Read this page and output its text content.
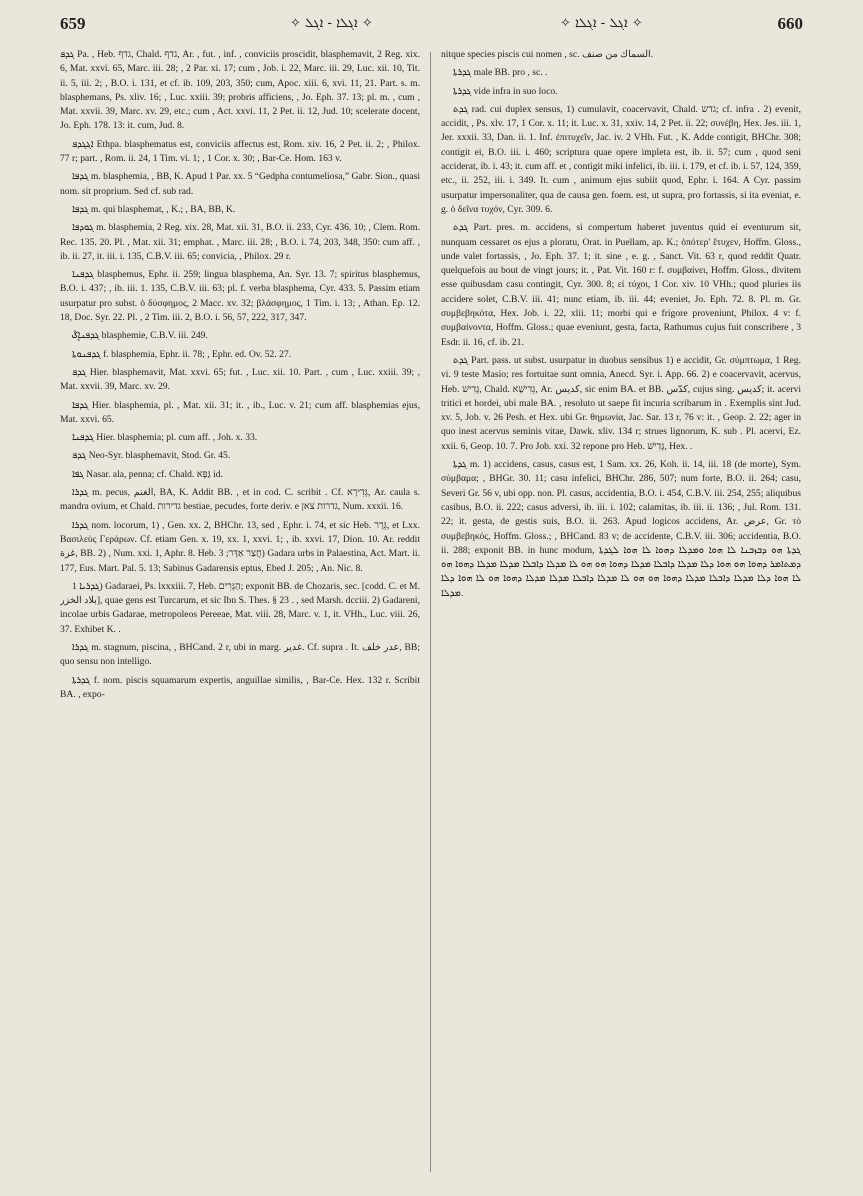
659	✧ ܐܓܠܐ - ܐܓܠ ✧	✧ ܐܓܠ - ܐܓܠܐ ✧	660

ܓܕܦ Pa. , Heb. גדף, Chald. גדף, Ar. , fut. , inf. , conviciis proscidit, blasphemavit, 2 Reg. xix. 6, Mat. xxvi. 65, Marc. iii. 28; , 2 Par. xi. 17; cum , Job. i. 22, Marc. iii. 29, Luc. xii. 10, Tit. ii. 5, iii. 2; , B.O. i. 131, et cf. ib. 109, 203, 350; cum, Apoc. xiii. 6, xvi. 11, 21. Part. s. m. blasphemans, Ps. xliv. 16; , Luc. xxiii. 39; probris afficiens, , Jo. Eph. 37. 13; pl. m. , cum , Mat. xxvii. 39, Marc. xv. 29, etc.; cum , Act. xxvi. 11, 2 Pet. ii. 12, Jud. 10; scelerate docent, Jo. Eph. 178. 13: it. cum, Jud. 8.

ܐܔܓܕܦ Ethpa. blasphematus est, conviciis affectus est, Rom. xiv. 16, 2 Pet. ii. 2; , Philox. 77 r; part. , Rom. ii. 24, 1 Tim. vi. 1; , 1 Cor. x. 30; , Bar-Ce. Hom. 163 v.

ܓܕܦܐ m. blasphemia, , BB, K. Apud 1 Par. xx. 5 “Gedpha contumeliosa,” Gabr. Sion., quasi nom. sit proprium. Sed cf. sub rad.

ܓܕܦܐ m. qui blasphemat, , K.; , BA, BB, K.

ܓܘܕܦܐ m. blasphemia, 2 Reg. xix. 28, Mat. xii. 31, B.O. ii. 233, Cyr. 436. 10; , Clem. Rom. Rec. 135. 20. Pl. , Mat. xii. 31; emphat. , Marc. iii. 28; , B.O. i. 74, 203, 348, 350: cum aff. , ib. ii. 27, it. iii. i. 135, C.B.V. iii. 65; convicia, , Philox. 29 r.

ܓܕܦܢܐ blasphemus, Ephr. ii. 259; lingua blasphema, An. Syr. 13. 7; spiritus blasphemus, B.O. i. 437; , ib. iii. 1. 135, C.B.V. iii. 63; pl. f. verba blasphema, Cyr. 433. 5. Passim etiam usurpatur pro subst. ὁ δύσφημος, 2 Macc. xv. 32; βλάσφημος, 1 Tim. i. 13; , Athan. Ep. 12. 18, Doc. Syr. 22. Pl. , 2 Tim. iii. 2, B.O. i. 56, 57, 222, 317, 347.

ܓܕܦܢܐܷݣ blasphemie, C.B.V. iii. 249.

ܓܕܦܢܘܬܐ f. blasphemia, Ephr. ii. 78; , Ephr. ed. Ov. 52. 27.

ܓܕܦ Hier. blasphemavit, Mat. xxvi. 65; fut. , Luc. xii. 10. Part. , cum , Luc. xxiii. 39; , Mat. xxvii. 39, Marc. xv. 29.

ܓܕܦܐ Hier. blasphemia, pl. , Mat. xii. 31; it. , ib., Luc. v. 21; cum aff. blasphemias ejus, Mat. xxvi. 65.

ܓܕܦܢܐ Hier. blasphemia; pl. cum aff. , Joh. x. 33.

ܓܕܦ Neo-Syr. blasphemavit, Stod. Gr. 45.

ܓܦܐ Nasar. ala, penna; cf. Chald. גַּפָּא id.

ܓܕܪܐ m. pecus, الغنم, BA, K. Addit BB. , et in cod. C. scribit . Cf. גְּדִירָא, Ar. caula s. mandra ovium, et Chald. גדירות bestiae, pecudes, forte deriv. e גדרות צאן, Num. xxxii. 16.

ܓܕܪܐ nom. locorum, 1) , Gen. xx. 2, BHChr. 13, sed , Ephr. i. 74, et sic Heb. גְּרָר, et Lxx. Βασιλεὺς Γεράρων. Cf. etiam Gen. x. 19, xx. 1, xxvi. 1; , ib. xxvi. 17, Dion. 10. Ar. reddit غزة, BB. 2) , Num. xxi. 1, Aphr. 8. Heb. חֲצַר אַדָּר; 3) Gadara urbs in Palaestina, Act. Mart. ii. 177, Eus. Mart. Pal. 5. 13; Sabinus Gadarensis eptus, Ebed J. 205; , An. Nic. 8.

ܓܕܪܝܐ 1) Gadaraei, Ps. lxxxiii. 7, Heb. הַגְּרִים; exponit BB. de Chozaris, sec. [codd. C. et M. بلاد الخزر], quae gens est Turcarum, et sic Ibn S. Thes. § 23 . , sed Marsh. dcciii. 2) Gadareni, incolae urbis Gadarae, metropoleos Pereeae, Mat. viii. 28, Marc. v. 1, it. VHh., Luc. viii. 26, 37. Exhibet K. .

ܓܕܪܐ m. stagnum, piscina, , BHCand. 2 r, ubi in marg. غدير. Cf. supra . It. عدر خلف, BB; quo sensu non intelligo.

ܓܕܪܬܐ f. nom. piscis squamarum expertis, anguillae similis, , Bar-Ce. Hex. 132 r. Scribit BA. , expo-

nitque species piscis cui nomen , sc. السماك من صنف.

ܓܕܪܬܐ male BB. pro , sc. .

ܓܕܪܬܐ vide infra in suo loco.

ܓܕܬ rad. cui duplex sensus, 1) cumulavit, coacervavit, Chald. גדש; cf. infra . 2) evenit, accidit, , Ps. xlv. 17, 1 Cor. x. 11; it. Luc. x. 31, xxiv. 14, 2 Pet. ii. 22; συνέβη, Hex. Jes. iii. 1, Jer. xxxii. 33, Dan. ii. 1. Inf. ἐπιτυχεῖν, Jac. iv. 2 VHh. Fut. , K. Adde contigit, BHChr. 308; contigit ei, B.O. iii. i. 460; scriptura quae opere impleta est, ib. ii. 57; cum , quod seni acciderat, ib. i. 43; it. cum aff. et , contigit miki infelici, ib. iii. i. 179, et cf. ib. i. 57, 124, 359, etc., ii. 252, iii. i. 349. It. cum , animum ejus subiit quod, Ephr. i. 164. A Cyr. passim usurpatur impersonaliter, qua de causa gen. foem. est, ut supra, pro fortassis, si ita eveniat, e. g. ὁ δεῖνα τυχόν, Cyr. 309. 6.

ܓܕܬ Part. pres. m. accidens, si compertum haberet juventus quid ei eventurum sit, nunquam cessaret os ejus a ploratu, Orat. in Puellam, ap. K.; ὁπότερ' ἔτυχεν, Hoffm. Gloss., unde valet fortassis, , Jo. Eph. 37. 1; it. sine , e. g. , Sanct. Vit. 63 r, quod reddit Quatr. quelquefois au bout de vingt jours; it. , Pat. Vit. 160 r: f. συμβαίνει, Hoffm. Gloss., divitem esse quibusdam casu contingit, Cyr. 300. 8; εἰ τύχοι, 1 Cor. xiv. 10 VHh.; quod pluries iis accidere solet, C.B.V. iii. 41; nunc etiam, ib. iii. 44; eveniet, Jo. Eph. 72. 8. Pl. m. Gr. συμβεβηκότα, Hex. Job. i. 22, xlii. 11; morbi qui e frigore proveniunt, Philox. 4 v: f. συμβαίνοντα, Hoffm. Gloss.; quae eveniunt, gesta, facta, Rathumus cujus fuit conscribere , 3 Esdr. ii. 16, cf. ib. 21.

ܓܕܬ Part. pass. ut subst. usurpatur in duobus sensibus 1) e accidit, Gr. σύμπτωμα, 1 Reg. vi. 9 teste Masio; res fortuitae sunt omnia, Anecd. Syr. i. App. 66. 2) e coacervavit, acervus, Heb. גָּדִישׁ, Chald. גְּדִישָׁא, Ar. كديس, sic enim BA. et BB. كدّس, cujus sing. كديس; it. acervi tritici et hordei, ubi male BA. , resoluto ut saepe fit incuria scribarum in . Exemplis sint Jud. xv. 5, Job. v. 26 Pesh. et Hex. ubi Gr. θημωνία, Jac. Sar. 13 r, 76 v: it. , Geop. 2. 22; ager in quo inest acervus seminis vitae, Dawk. xliv. 134 r; strues lignorum, K. sub . Pl. acervi, Ez. xxii. 6, Geop. 10. 7. Pro Job. xxi. 32 repone pro Heb. גָּדִישׁ, Hex. .

ܓܕܬܐ m. 1) accidens, casus, casus est, 1 Sam. xx. 26, Koh. ii. 14, iii. 18 (de morte), Sym. σύμβαμα; , BHGr. 30. 11; casu infelici, BHChr. 286, 507; num forte, B.O. ii. 264; casu, Severi Gr. 56 v, ubi opp. non. Pl. casus, accidentia, B.O. i. 454, C.B.V. iii. 254, 255; aliquibus casibus, B.O. ii. 222; casus adversi, ib. iii. i. 102; calamitas, ib. iii. ii. 136; , Jul. Rom. 131. 22; it. gesta, de gestis suis, B.O. ii. 263. Apud logicos accidens, Ar. عرض, Gr. τὸ συμβεβηκός, Hoffm. Gloss.; , BHCand. 83 v; de accidente, C.B.V. iii. 306; accidentia, B.O. ii. 288; exponit BB. in hunc modum, ܓܕܬܐ ܗܘ ܕܒܙܒܢܐ ܠܐ ܗܘܐ ܘܡܕܠܐ ܕܗܘܐ ܠܐ ܗܘܐ ܠܓܕܬܐ ܕܡܬܐܡܪ ܕܗܘܐ ܗܘ ܗܘܐ ܕܠܐ ܡܕܠܐ ܕܐܒܠܐ ܡܕܠܐ ܕܗܘܐ ܗܘ ܗܘ ܠܐ ܡܕܠܐ ܕܐܒܠܐ ܡܕܠܐ ܡܕܠܐ ܕܗܘܐ ܗܘ ܠܐ ܗܘܐ ܕܠܐ ܡܕܠܐ ܕܐܒܠܐ ܡܕܠܐ ܕܗܘܐ ܗܘ ܗܘ ܠܐ ܡܕܠܐ ܕܐܒܠܐ ܡܕܠܐ ܡܕܠܐ ܕܗܘܐ ܗܘ ܠܐ ܗܘܐ ܕܠܐ ܡܕܠܐ.
